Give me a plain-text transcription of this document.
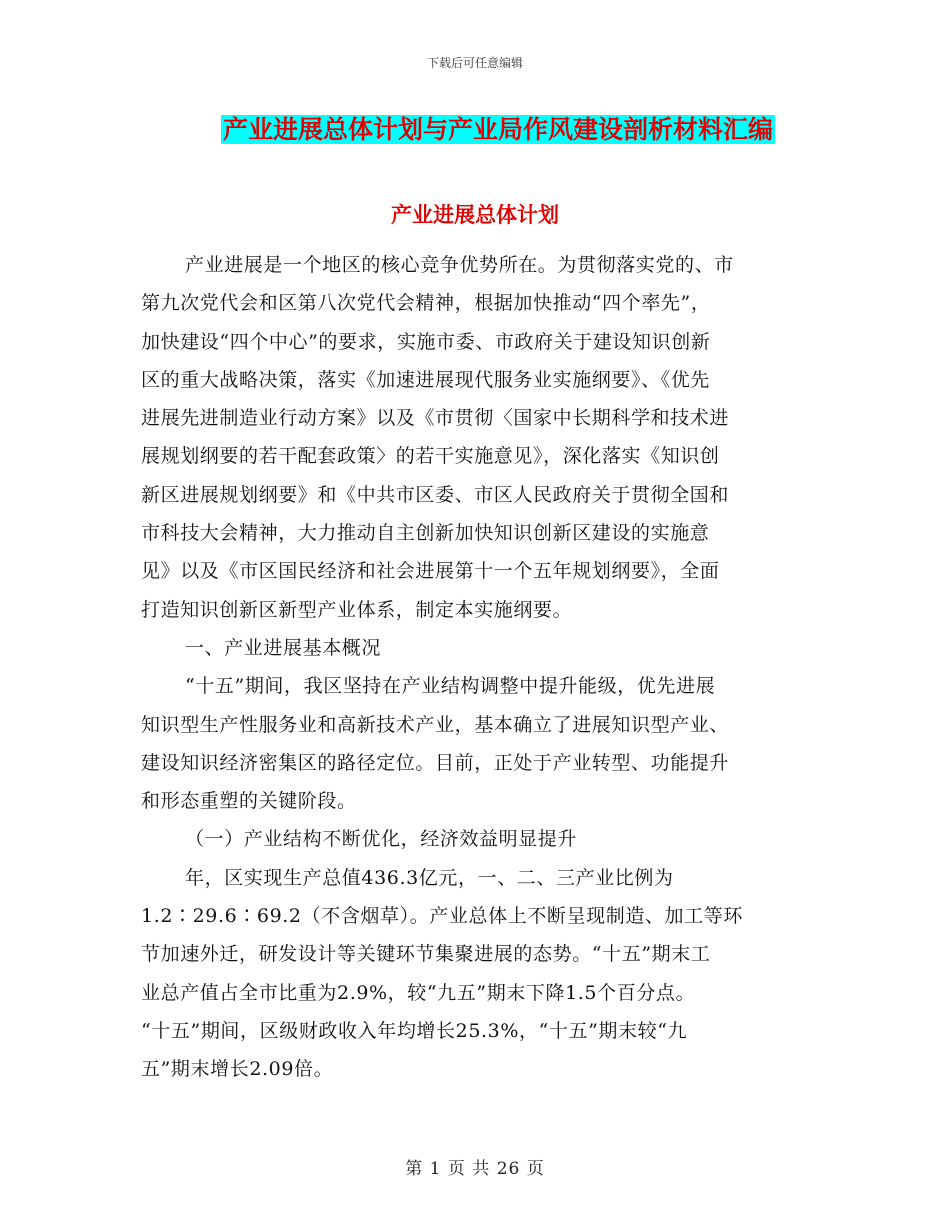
下载后可任意编辑
产业进展总体计划与产业局作风建设剖析材料汇编
产业进展总体计划
产业进展是一个地区的核心竞争优势所在。为贯彻落实党的、市
第九次党代会和区第八次党代会精神，根据加快推动“四个率先”，
加快建设“四个中心”的要求，实施市委、市政府关于建设知识创新
区的重大战略决策，落实《加速进展现代服务业实施纲要》、《优先
进展先进制造业行动方案》以及《市贯彻〈国家中长期科学和技术进
展规划纲要的若干配套政策〉的若干实施意见》，深化落实《知识创
新区进展规划纲要》和《中共市区委、市区人民政府关于贯彻全国和
市科技大会精神，大力推动自主创新加快知识创新区建设的实施意
见》以及《市区国民经济和社会进展第十一个五年规划纲要》，全面
打造知识创新区新型产业体系，制定本实施纲要。
一、产业进展基本概况
“十五”期间，我区坚持在产业结构调整中提升能级，优先进展
知识型生产性服务业和高新技术产业，基本确立了进展知识型产业、
建设知识经济密集区的路径定位。目前，正处于产业转型、功能提升
和形态重塑的关键阶段。
（一）产业结构不断优化，经济效益明显提升
年，区实现生产总值436.3亿元，一、二、三产业比例为
1.2∶29.6∶69.2（不含烟草）。产业总体上不断呈现制造、加工等环
节加速外迁，研发设计等关键环节集聚进展的态势。“十五”期末工
业总产值占全市比重为2.9%，较“九五”期末下降1.5个百分点。
“十五”期间，区级财政收入年均增长25.3%，“十五”期末较“九
五”期末增长2.09倍。
第 1 页 共 26 页
